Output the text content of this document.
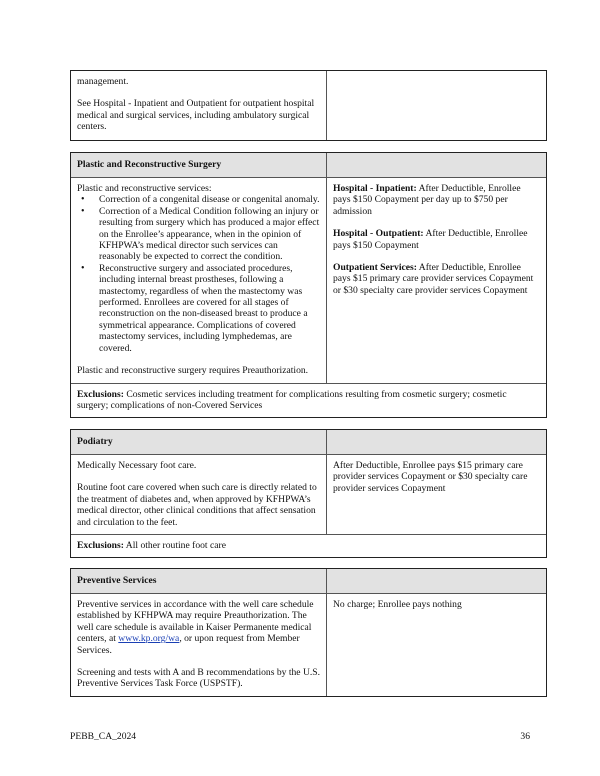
management.

See Hospital - Inpatient and Outpatient for outpatient hospital medical and surgical services, including ambulatory surgical centers.

Plastic and Reconstructive Surgery

Plastic and reconstructive services:

• Correction of a congenital disease or congenital anomaly.
• Correction of a Medical Condition following an injury or resulting from surgery which has produced a major effect on the Enrollee’s appearance, when in the opinion of KFHPWA’s medical director such services can reasonably be expected to correct the condition.
• Reconstructive surgery and associated procedures, including internal breast prostheses, following a mastectomy, regardless of when the mastectomy was performed. Enrollees are covered for all stages of reconstruction on the non-diseased breast to produce a symmetrical appearance. Complications of covered mastectomy services, including lymphedemas, are covered.

Plastic and reconstructive surgery requires Preauthorization.

Hospital - Inpatient: After Deductible, Enrollee pays $150 Copayment per day up to $750 per admission

Hospital - Outpatient: After Deductible, Enrollee pays $150 Copayment

Outpatient Services: After Deductible, Enrollee pays $15 primary care provider services Copayment or $30 specialty care provider services Copayment

Exclusions: Cosmetic services including treatment for complications resulting from cosmetic surgery; cosmetic surgery; complications of non-Covered Services
Podiatry

Medically Necessary foot care.

Routine foot care covered when such care is directly related to the treatment of diabetes and, when approved by KFHPWA’s medical director, other clinical conditions that affect sensation and circulation to the feet.

After Deductible, Enrollee pays $15 primary care provider services Copayment or $30 specialty care provider services Copayment

Exclusions: All other routine foot care
Preventive Services

Preventive services in accordance with the well care schedule established by KFHPWA may require Preauthorization. The well care schedule is available in Kaiser Permanente medical centers, at www.kp.org/wa, or upon request from Member Services.

Screening and tests with A and B recommendations by the U.S. Preventive Services Task Force (USPSTF).

No charge; Enrollee pays nothing

PEBB_CA_2024	36
